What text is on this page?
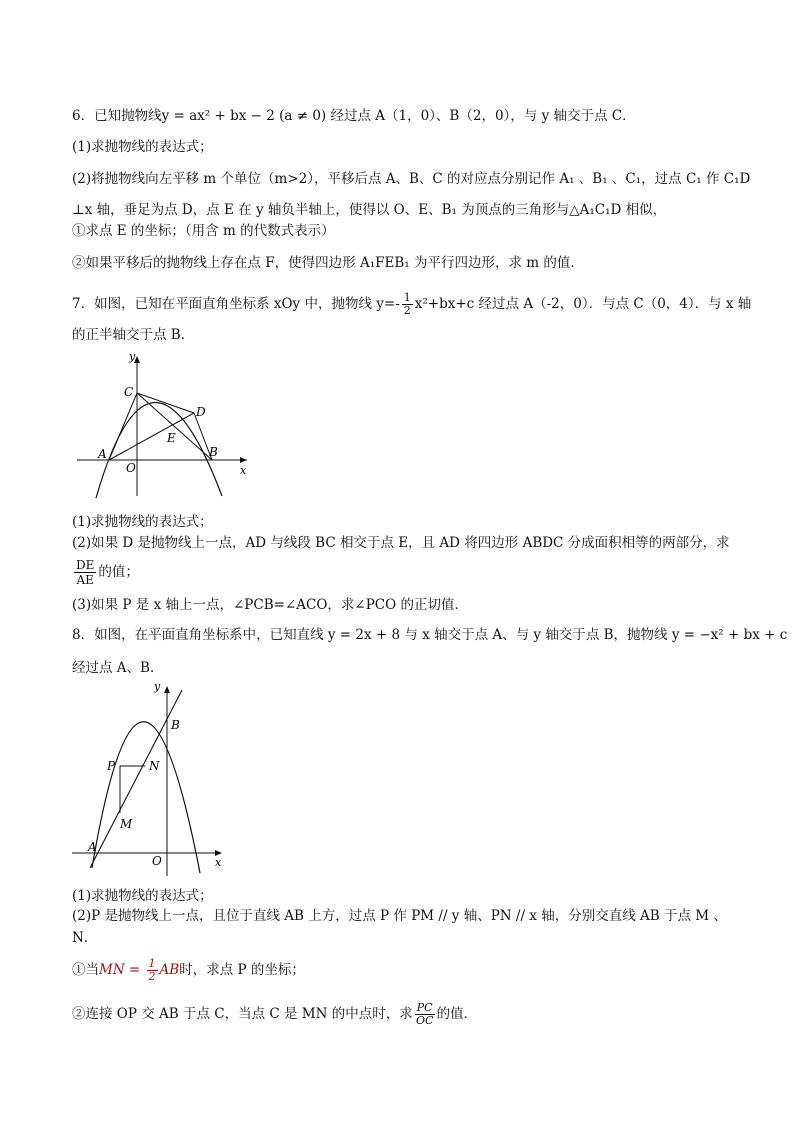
6．已知抛物线y = ax² + bx − 2 (a ≠ 0) 经过点 A（1，0）、B（2，0），与 y 轴交于点 C．
(1)求抛物线的表达式；
(2)将抛物线向左平移 m 个单位（m>2），平移后点 A、B、C 的对应点分别记作 A₁ 、B₁ 、C₁，过点 C₁ 作 C₁D
⊥x 轴，垂足为点 D，点 E 在 y 轴负半轴上，使得以 O、E、B₁ 为顶点的三角形与△A₁C₁D 相似，
①求点 E 的坐标；（用含 m 的代数式表示）
②如果平移后的抛物线上存在点 F，使得四边形 A₁FEB₁ 为平行四边形，求 m 的值．
7．如图，已知在平面直角坐标系 xOy 中，抛物线 $y=- \frac{1}{2} x^2+bx+c$ 经过点 A（-2，0）．与点 C（0，4）．与 x 轴
的正半轴交于点 B．
y
x
C
D
E
A
O
B
(1)求抛物线的表达式；
(2)如果 D 是抛物线上一点，AD 与线段 BC 相交于点 E，且 AD 将四边形 ABDC 分成面积相等的两部分，求
$\frac{DE}{AE}$ 的值；
(3)如果 P 是 x 轴上一点，∠PCB=∠ACO，求∠PCO 的正切值．
8．如图，在平面直角坐标系中，已知直线 y = 2x + 8 与 x 轴交于点 A、与 y 轴交于点 B，抛物线 y = −x² + bx + c
经过点 A、B．
y
x
B
P	N
M
A
O
(1)求抛物线的表达式；
(2)P 是抛物线上一点，且位于直线 AB 上方，过点 P 作 PM // y 轴、PN // x 轴，分别交直线 AB 于点 M 、
N．
①当MN = $\frac{1}{2}$ AB时，求点 P 的坐标；
②连接 OP 交 AB 于点 C，当点 C 是 MN 的中点时，求 $\frac{PC}{OC}$ 的值．
